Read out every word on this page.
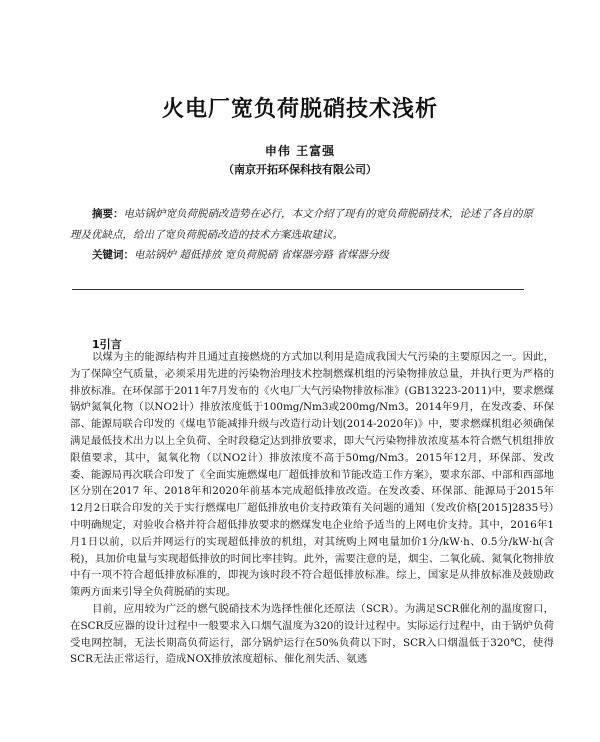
火电厂宽负荷脱硝技术浅析
申伟 王富强
（南京开拓环保科技有限公司）
摘要：电站锅炉宽负荷脱硝改造势在必行，本文介绍了现有的宽负荷脱硝技术，论述了各自的原理及优缺点，给出了宽负荷脱硝改造的技术方案选取建议。
关键词：电站锅炉 超低排放 宽负荷脱硝 省煤器旁路 省煤器分级
1引言

以煤为主的能源结构并且通过直接燃烧的方式加以利用是造成我国大气污染的主要原因之一。因此，为了保障空气质量，必须采用先进的污染物治理技术控制燃煤机组的污染物排放总量，并执行更为严格的排放标准。在环保部于2011年7月发布的《火电厂大气污染物排放标准》(GB13223-2011)中，要求燃煤锅炉氮氧化物（以NO2计）排放浓度低于100mg/Nm3或200mg/Nm3。2014年9月，在发改委、环保部、能源局联合印发的《煤电节能减排升级与改造行动计划(2014-2020年)》中，要求燃煤机组必须确保满足最低技术出力以上全负荷、全时段稳定达到排放要求，即大气污染物排放浓度基本符合燃气机组排放限值要求，其中，氮氧化物（以NO2计）排放浓度不高于50mg/Nm3。2015年12月，环保部、发改委、能源局再次联合印发了《全面实施燃煤电厂超低排放和节能改造工作方案》，要求东部、中部和西部地区分别在2017 年、2018年和2020年前基本完成超低排放改造。在发改委、环保部、能源局于2015年12月2日联合印发的关于实行燃煤电厂超低排放电价支持政策有关问题的通知（发改价格[2015]2835号）中明确规定，对验收合格并符合超低排放要求的燃煤发电企业给予适当的上网电价支持。其中，2016年1月1日以前，以后并网运行的实现超低排放的机组，对其统购上网电量加价1分/kW·h、0.5分/kW·h(含税)，具加价电量与实现超低排放的时间比率挂钩。此外，需要注意的是，烟尘、二氧化硫、氮氧化物排放中有一项不符合超低排放标准的，即视为该时段不符合超低排放标准。综上，国家是从排放标准及鼓励政策两方面来引导全负荷脱硝的实现。

目前，应用较为广泛的燃气脱硝技术为选择性催化还原法（SCR）。为满足SCR催化剂的温度窗口，在SCR反应器的设计过程中一般要求入口烟气温度为320的设计过程中。实际运行过程中，由于锅炉负荷受电网控制，无法长期高负荷运行，部分锅炉运行在50%负荷以下时，SCR入口烟温低于320℃，使得SCR无法正常运行，造成NOX排放浓度超标、催化剂失活、氨逃
